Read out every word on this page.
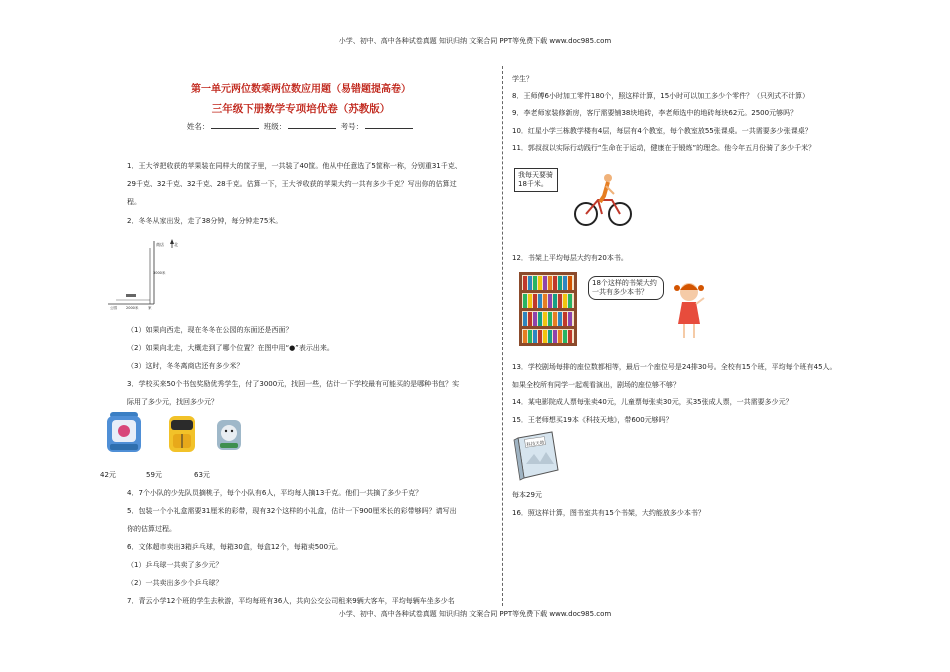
小学、初中、高中各种试卷真题 知识归纳 文案合同 PPT等免费下载 www.doc985.com
小学、初中、高中各种试卷真题 知识归纳 文案合同 PPT等免费下载 www.doc985.com
第一单元两位数乘两位数应用题（易错题提高卷）
三年级下册数学专项培优卷（苏教版）
姓名：	班级：	考号：
1．王大爷把收获的苹果装在同样大的筐子里，一共装了40筐。他从中任意选了5筐称一称，分别重31千克、
29千克、32千克、32千克、28千克。估算一下，王大爷收获的苹果大约一共有多少千克？写出你的估算过
程。
2．冬冬从家出发，走了38分钟，每分钟走75米。
商店	北
3000米
公园	2000米	家
（1）如果向西走，现在冬冬在公园的东面还是西面？
（2）如果向北走，大概走到了哪个位置？在图中用“●”表示出来。
（3）这时，冬冬离商店还有多少米？
3．学校买来50个书包奖励优秀学生，付了3000元，找回一些，估计一下学校最有可能买的是哪种书包？实
际用了多少元，找回多少元？
42元	59元	63元
4．7个小队的少先队员摘桃子，每个小队有6人，平均每人摘13千克。他们一共摘了多少千克？
5．包装一个小礼盒需要31厘米的彩带，现有32个这样的小礼盒，估计一下900厘米长的彩带够吗？请写出
你的估算过程。
6．文体超市卖出3箱乒乓球，每箱30盒，每盒12个，每箱卖500元。
（1）乒乓球一共卖了多少元？
（2）一共卖出多少个乒乓球？
7．青云小学12个班的学生去秋游，平均每班有36人，共向公交公司租来9辆大客车，平均每辆车坐多少名
学生？
8．王师傅6小时加工零件180个，照这样计算，15小时可以加工多少个零件？（只列式不计算）
9．李老师家装修新房，客厅需要铺38块地砖，李老师选中的地砖每块62元。2500元够吗？
10．红星小学三栋教学楼有4层，每层有4个教室，每个教室放55张课桌。一共需要多少张课桌？
11．郭叔叔以实际行动践行“生命在于运动，健康在于锻炼”的理念。他今年五月份骑了多少千米？
我每天要骑18千米。
12．书架上平均每层大约有20本书。
18个这样的书架大约一共有多少本书？
13．学校剧场每排的座位数都相等，最后一个座位号是24排30号。全校有15个班，平均每个班有45人。
如果全校所有同学一起观看演出，剧场的座位够不够？
14．某电影院成人票每张卖40元，儿童票每张卖30元，买35张成人票，一共需要多少元？
15．王老师想买19本《科技天地》，带600元够吗？
科技天地
每本29元
16．照这样计算，图书室共有15个书架，大约能放多少本书？
